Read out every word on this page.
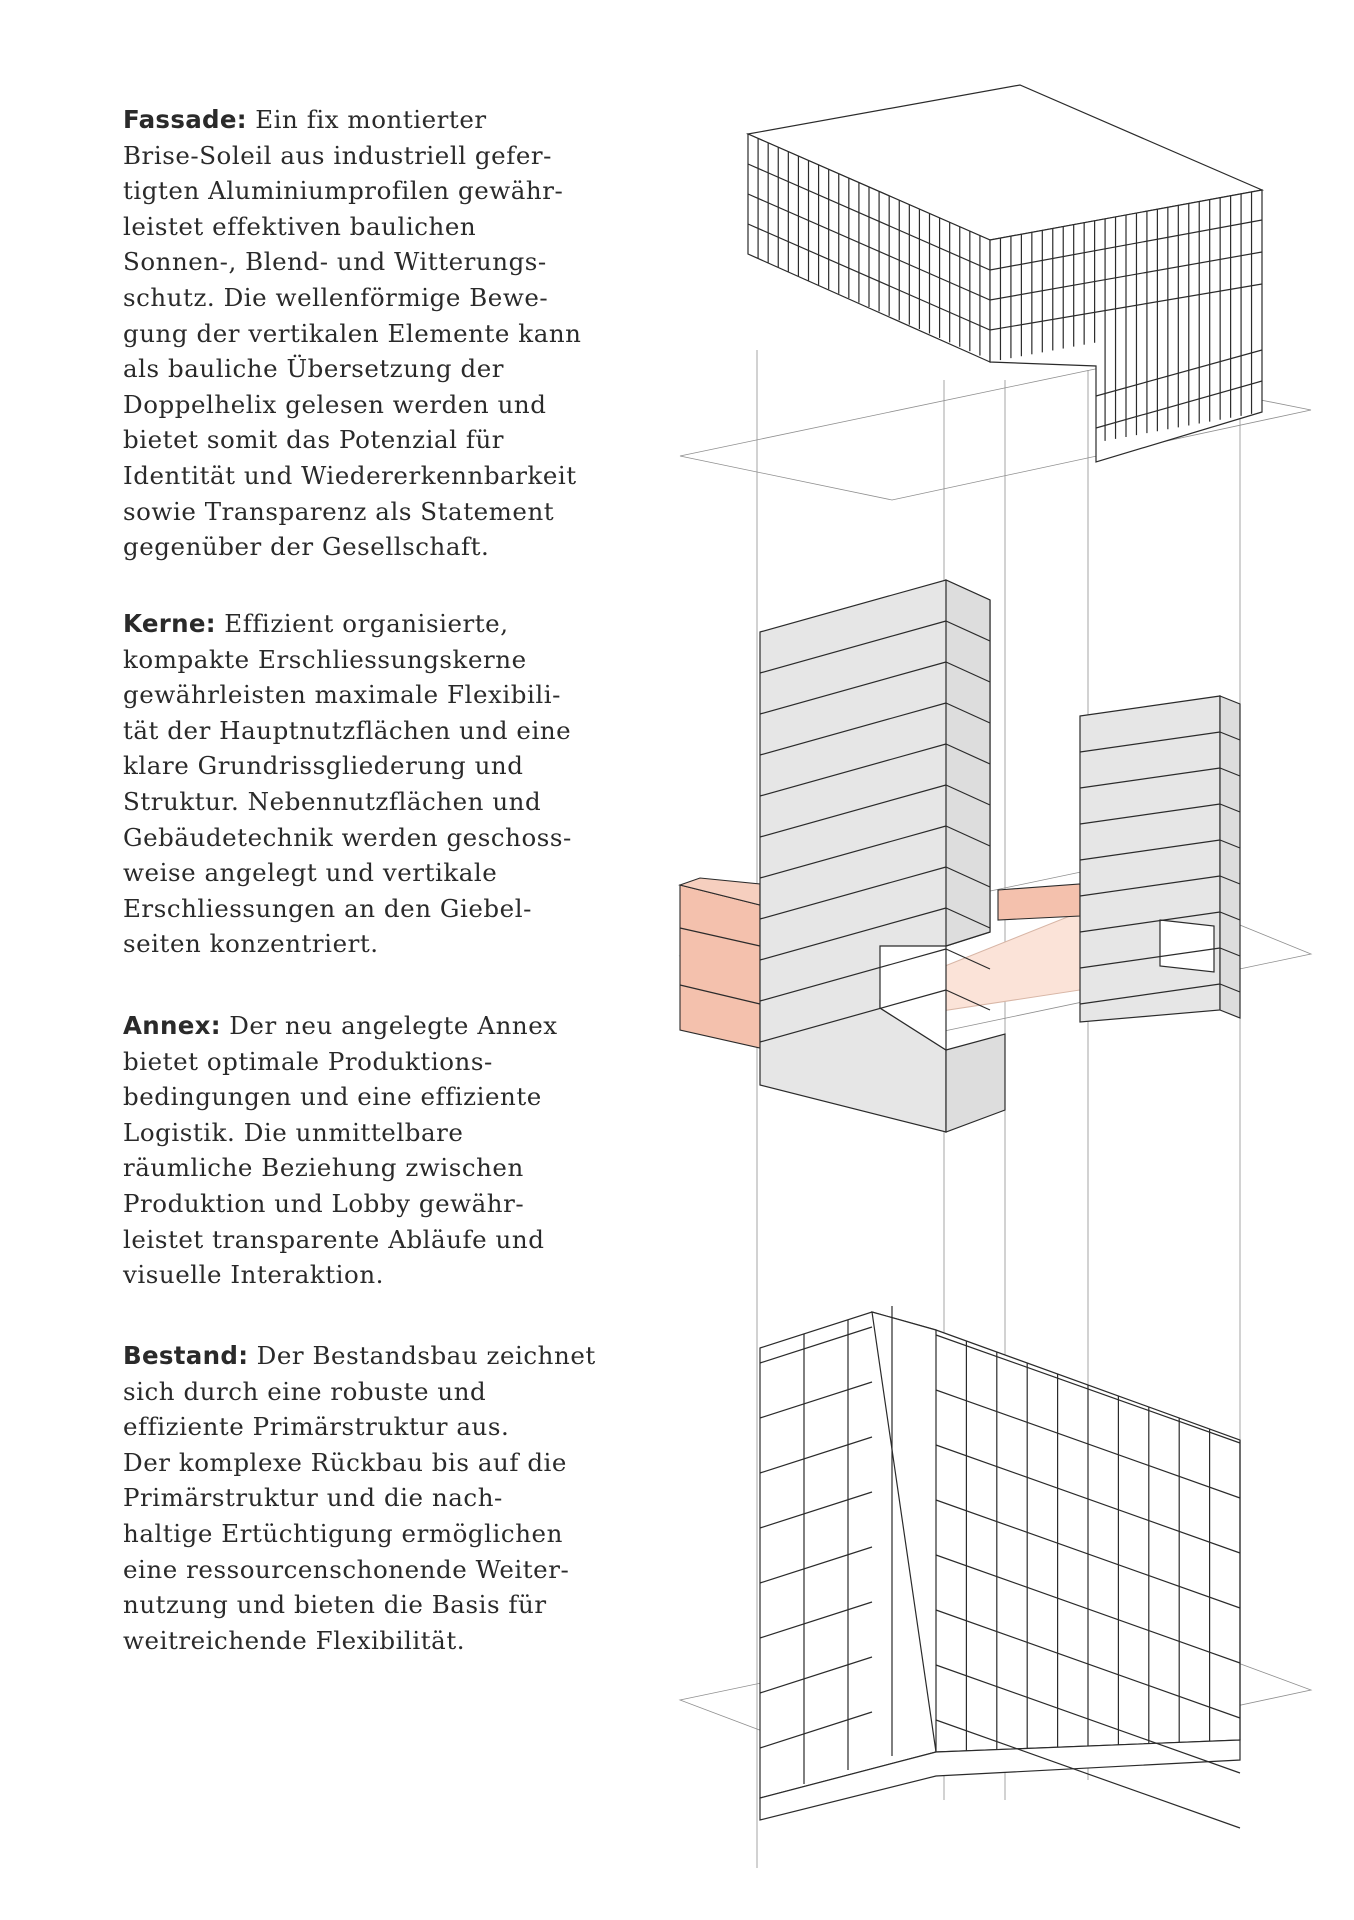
Fassade: Ein fix montierter
Brise-Soleil aus industriell gefer-
tigten Aluminiumprofilen gewähr-
leistet effektiven baulichen
Sonnen-, Blend- und Witterungs-
schutz. Die wellenförmige Bewe-
gung der vertikalen Elemente kann
als bauliche Übersetzung der
Doppelhelix gelesen werden und
bietet somit das Potenzial für
Identität und Wiedererkennbarkeit
sowie Transparenz als Statement
gegenüber der Gesellschaft.

Kerne: Effizient organisierte,
kompakte Erschliessungskerne
gewährleisten maximale Flexibili-
tät der Hauptnutzflächen und eine
klare Grundrissgliederung und
Struktur. Nebennutzflächen und
Gebäudetechnik werden geschoss-
weise angelegt und vertikale
Erschliessungen an den Giebel-
seiten konzentriert.

Annex: Der neu angelegte Annex
bietet optimale Produktions-
bedingungen und eine effiziente
Logistik. Die unmittelbare
räumliche Beziehung zwischen
Produktion und Lobby gewähr-
leistet transparente Abläufe und
visuelle Interaktion.

Bestand: Der Bestandsbau zeichnet
sich durch eine robuste und
effiziente Primärstruktur aus.
Der komplexe Rückbau bis auf die
Primärstruktur und die nach-
haltige Ertüchtigung ermöglichen
eine ressourcenschonende Weiter-
nutzung und bieten die Basis für
weitreichende Flexibilität.
